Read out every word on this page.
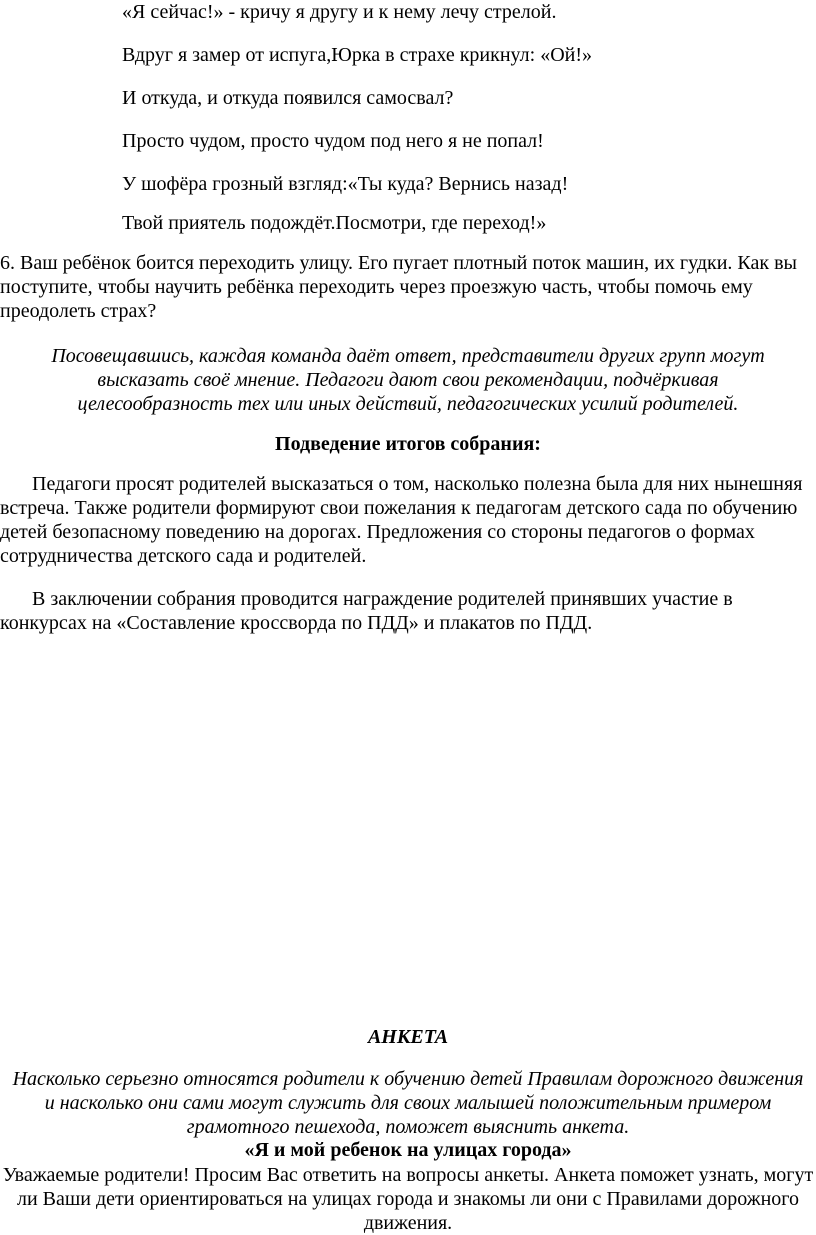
«Я сейчас!» - кричу я другу и к нему лечу стрелой.
Вдруг я замер от испуга,Юрка в страхе крикнул: «Ой!»
И откуда, и откуда появился самосвал?
Просто чудом, просто чудом под него я не попал!
У шофёра грозный взгляд:«Ты куда? Вернись назад!
Твой приятель подождёт.Посмотри, где переход!»
6. Ваш ребёнок боится переходить улицу. Его пугает плотный поток машин, их гудки. Как вы поступите, чтобы научить ребёнка переходить через проезжую часть, чтобы помочь ему преодолеть страх?
Посовещавшись, каждая команда даёт ответ, представители других групп могут высказать своё мнение. Педагоги дают свои рекомендации, подчёркивая целесообразность тех или иных действий, педагогических усилий родителей.
Подведение итогов собрания:
Педагоги просят родителей высказаться о том, насколько полезна была для них нынешняя встреча. Также родители формируют свои пожелания к педагогам детского сада по обучению детей безопасному поведению на дорогах. Предложения со стороны педагогов о формах сотрудничества детского сада и родителей.
В заключении собрания проводится награждение родителей принявших участие в конкурсах на «Составление кроссворда по ПДД» и плакатов по ПДД.
АНКЕТА
Насколько серьезно относятся родители к обучению детей Правилам дорожного движения и насколько они сами могут служить для своих малышей положительным примером грамотного пешехода, поможет выяснить анкета.
«Я и мой ребенок на улицах города»
Уважаемые родители! Просим Вас ответить на вопросы анкеты. Анкета поможет узнать, могут ли Ваши дети ориентироваться на улицах города и знакомы ли они с Правилами дорожного движения.
